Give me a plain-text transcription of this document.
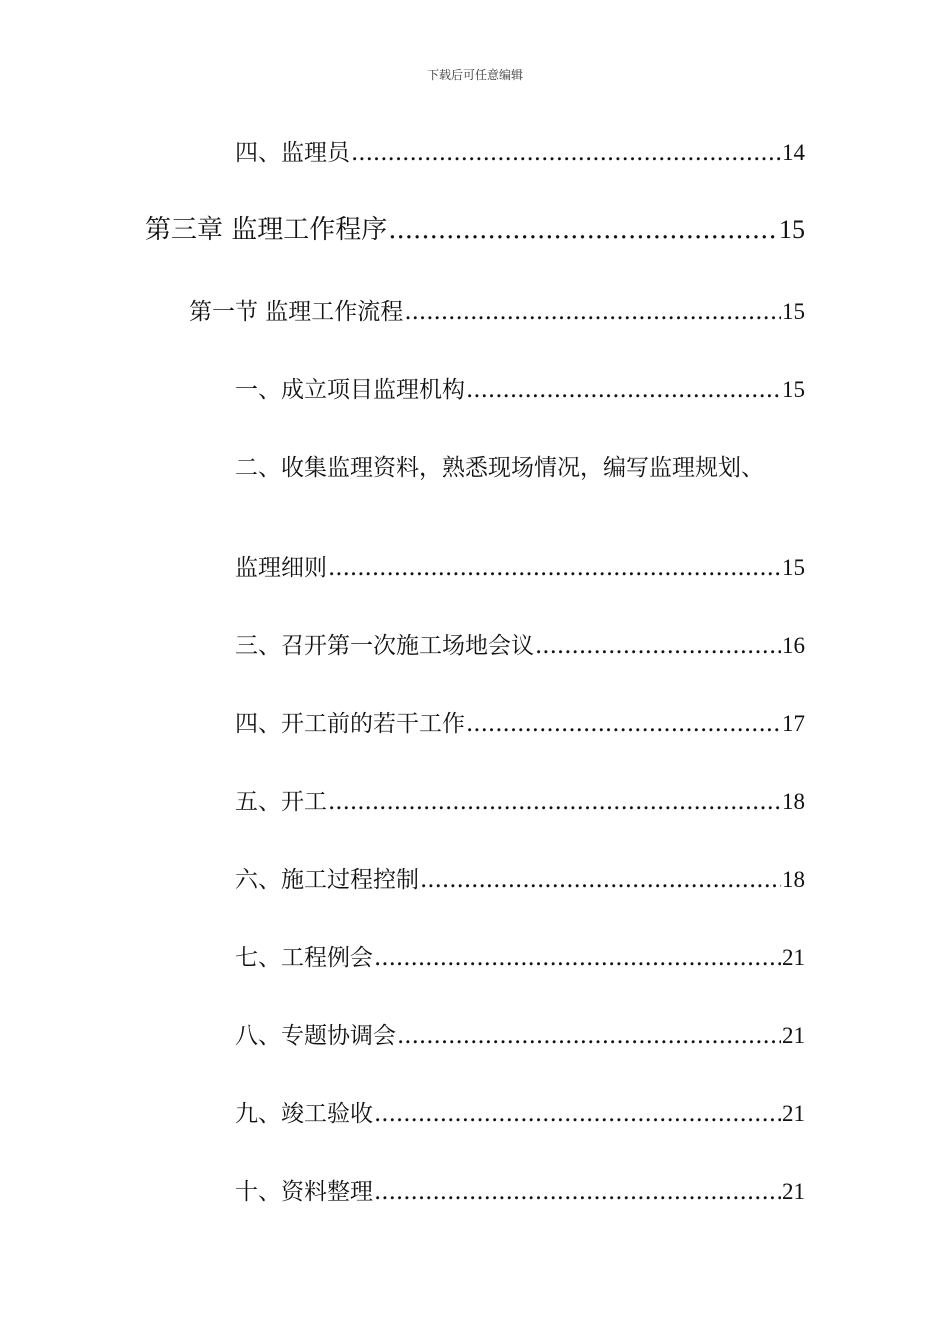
下载后可任意编辑
四、监理员 .....	14
第三章 监理工作程序 .....	15
第一节 监理工作流程 .....	15
一、成立项目监理机构 .....	15
二、收集监理资料，熟悉现场情况，编写监理规划、
监理细则 .....	15
三、召开第一次施工场地会议 .....	16
四、开工前的若干工作 .....	17
五、开工 .....	18
六、施工过程控制 .....	18
七、工程例会 .....	21
八、专题协调会 .....	21
九、竣工验收 .....	21
十、资料整理 .....	21
